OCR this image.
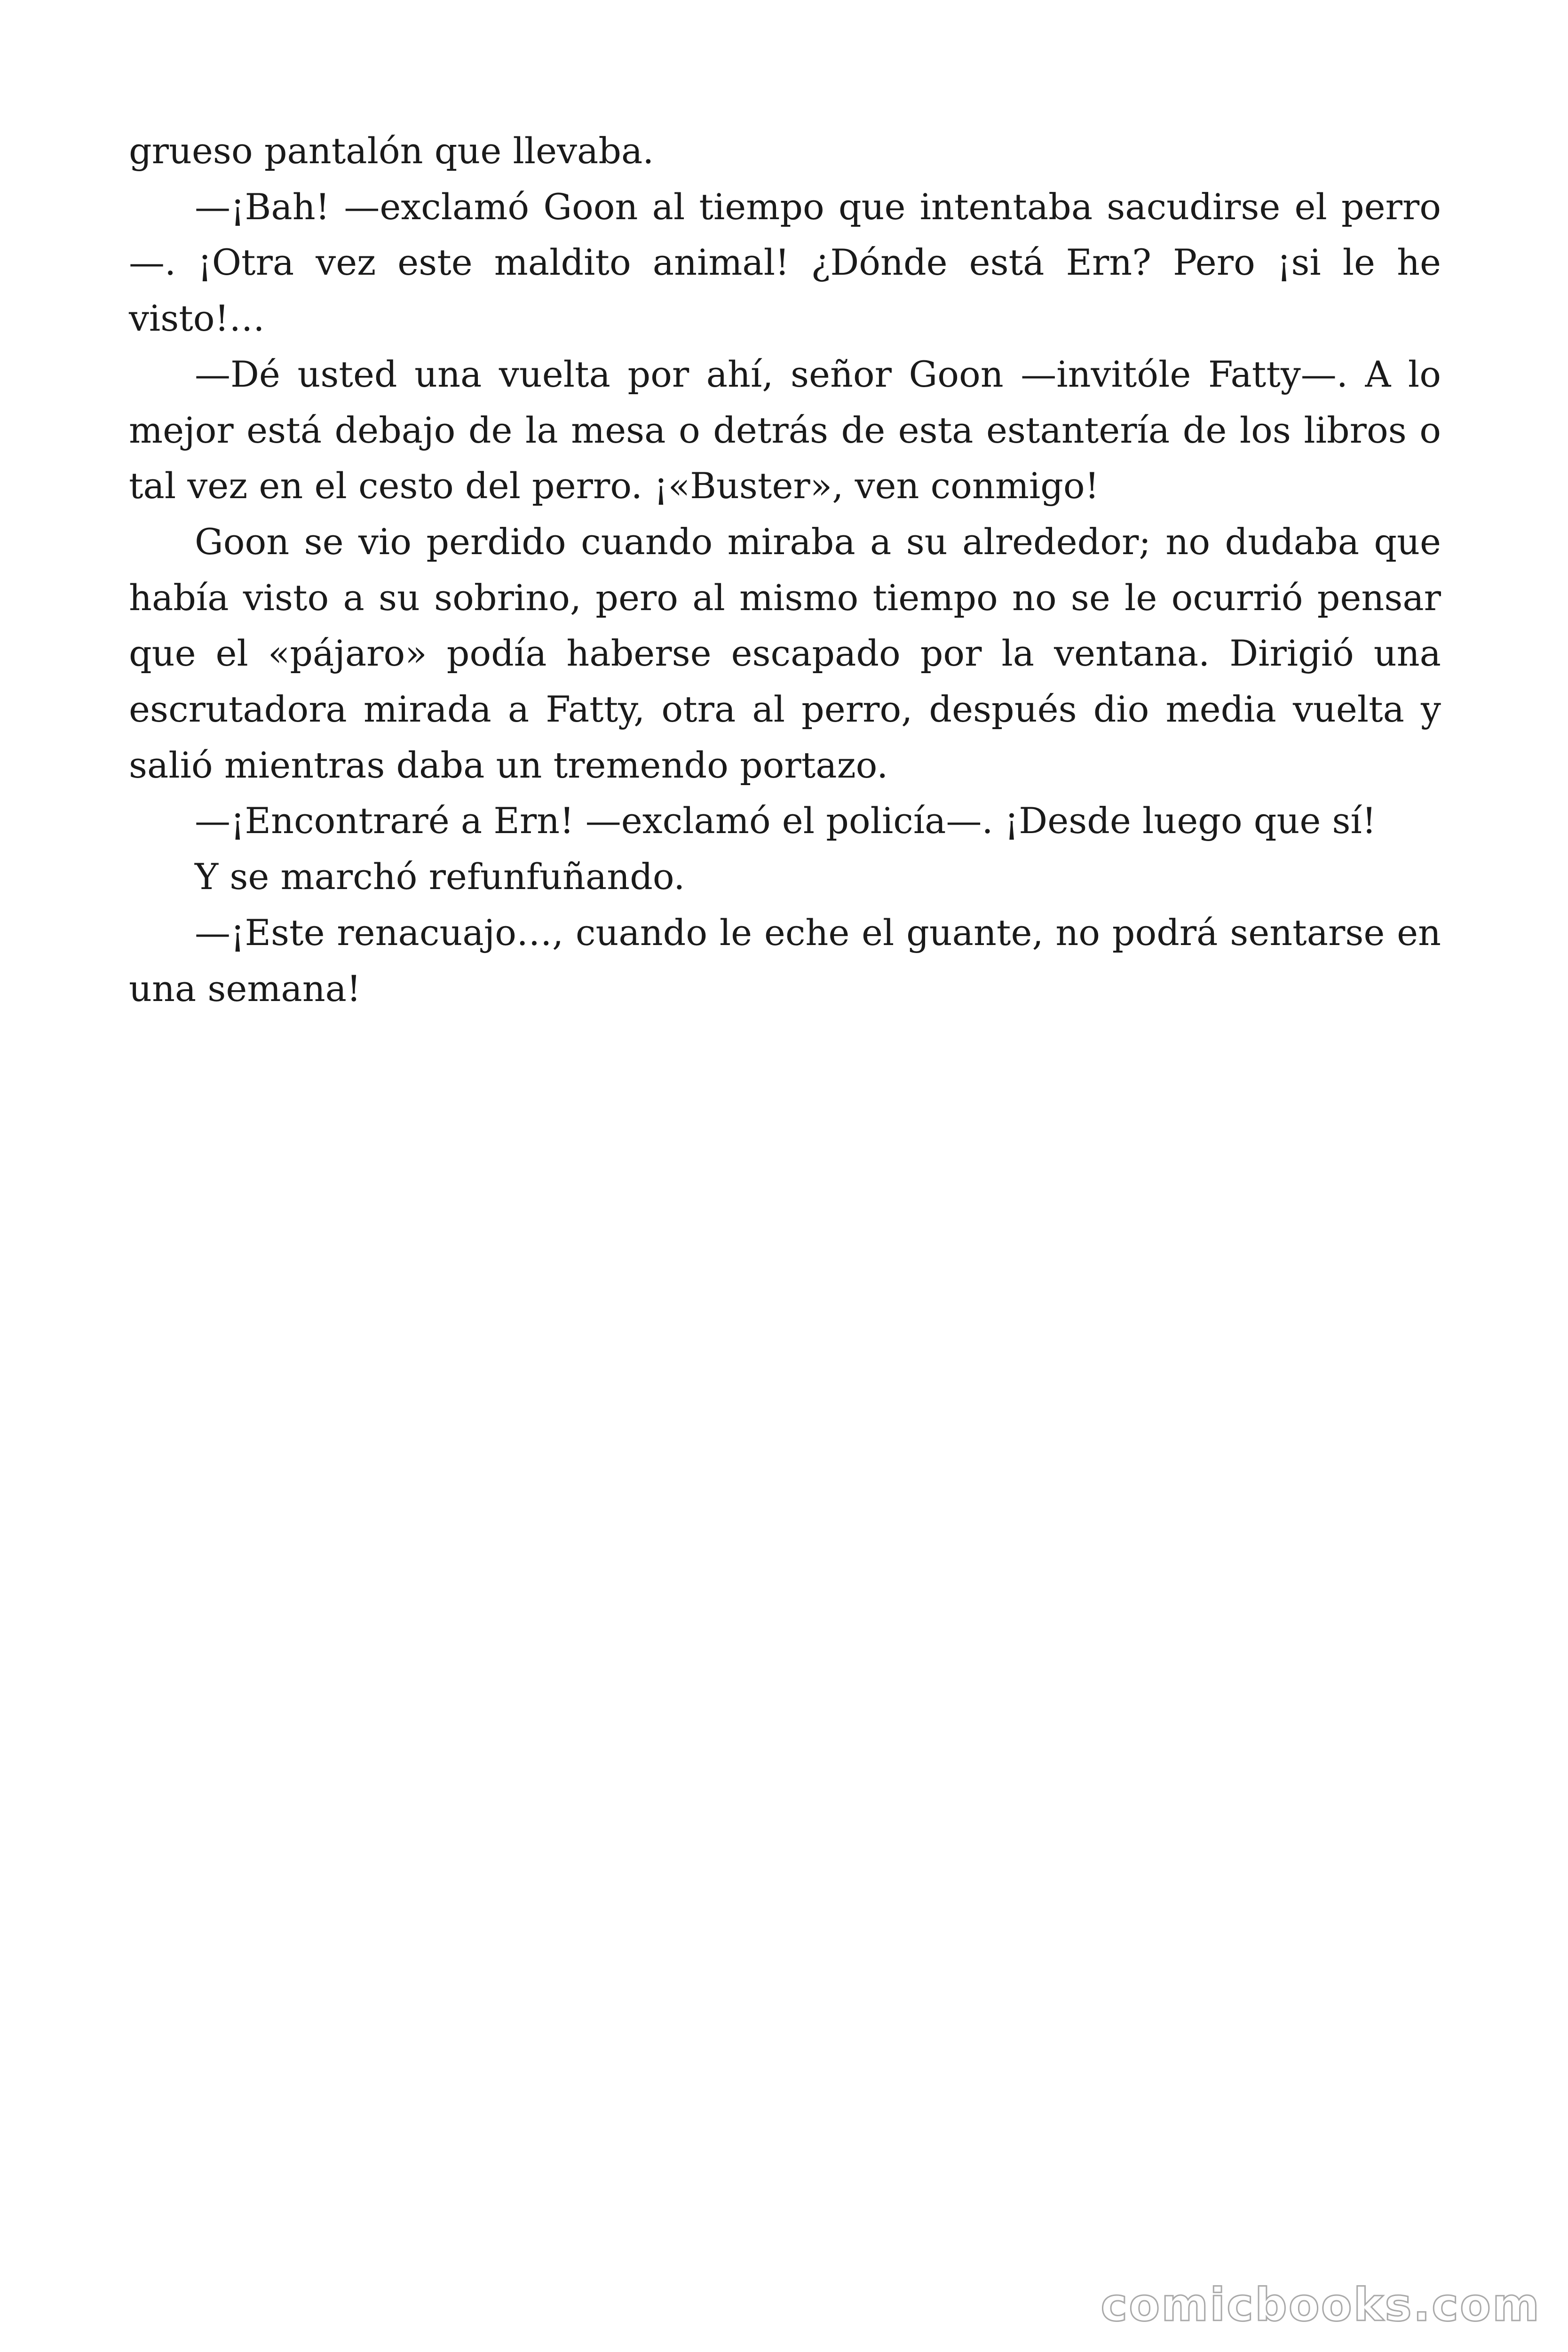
grueso pantalón que llevaba.

—¡Bah! —exclamó Goon al tiempo que intentaba sacudirse el perro—. ¡Otra vez este maldito animal! ¿Dónde está Ern? Pero ¡si le he visto!…

—Dé usted una vuelta por ahí, señor Goon —invitóle Fatty—. A lo mejor está debajo de la mesa o detrás de esta estantería de los libros o tal vez en el cesto del perro. ¡«Buster», ven conmigo!

Goon se vio perdido cuando miraba a su alrededor; no dudaba que había visto a su sobrino, pero al mismo tiempo no se le ocurrió pensar que el «pájaro» podía haberse escapado por la ventana. Dirigió una escrutadora mirada a Fatty, otra al perro, después dio media vuelta y salió mientras daba un tremendo portazo.

—¡Encontraré a Ern! —exclamó el policía—. ¡Desde luego que sí!

Y se marchó refunfuñando.

—¡Este renacuajo…, cuando le eche el guante, no podrá sentarse en una semana!

comicbooks.com
